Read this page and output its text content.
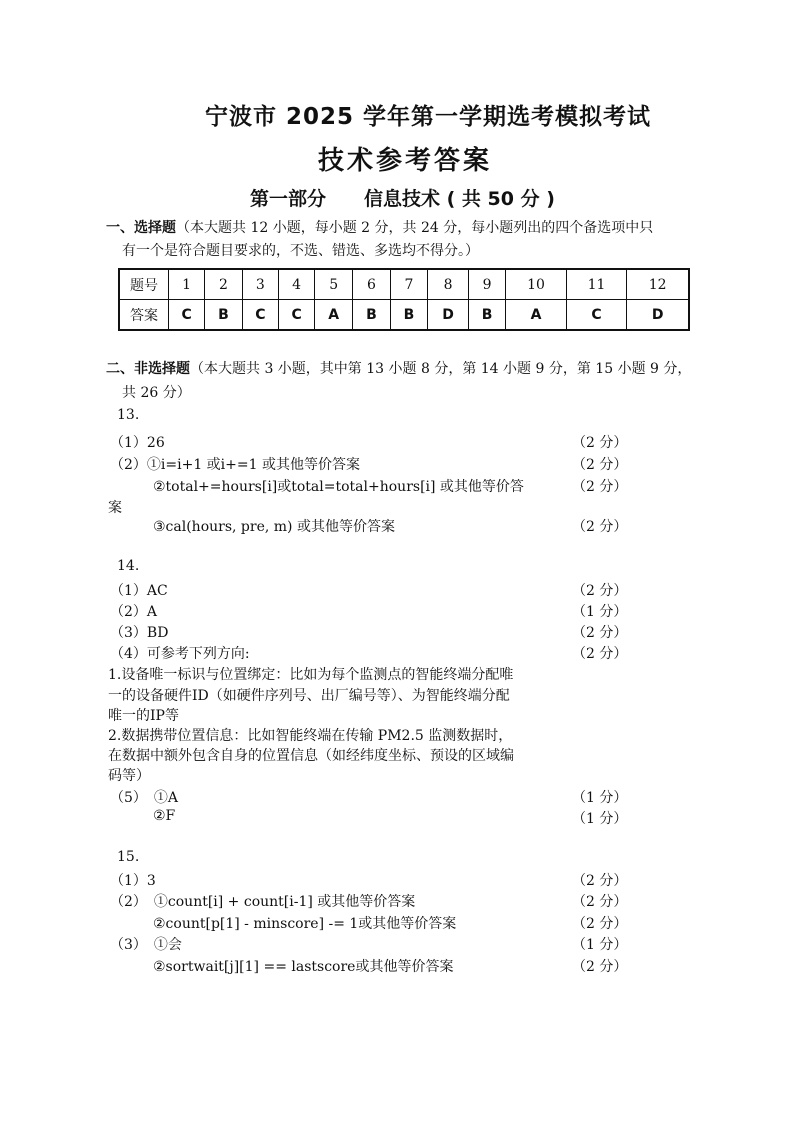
宁波市 2025 学年第一学期选考模拟考试
技术参考答案
第一部分　　信息技术 ( 共 50 分 )
一、选择题（本大题共 12 小题，每小题 2 分，共 24 分，每小题列出的四个备选项中只
有一个是符合题目要求的，不选、错选、多选均不得分。）
题号	1	2	3	4	5	6	7	8	9	10	11	12
答案	C	B	C	C	A	B	B	D	B	A	C	D
二、非选择题（本大题共 3 小题，其中第 13 小题 8 分，第 14 小题 9 分，第 15 小题 9 分，
共 26 分）
13.
（1）26	（2 分）
（2）①i=i+1 或i+=1 或其他等价答案	（2 分）
②total+=hours[i]或total=total+hours[i] 或其他等价答	（2 分）
案
③cal(hours, pre, m) 或其他等价答案	（2 分）
14.
（1）AC	（2 分）
（2）A	（1 分）
（3）BD	（2 分）
（4）可参考下列方向:	（2 分）
1.设备唯一标识与位置绑定：比如为每个监测点的智能终端分配唯
一的设备硬件ID（如硬件序列号、出厂编号等）、为智能终端分配
唯一的IP等
2.数据携带位置信息：比如智能终端在传输 PM2.5 监测数据时，
在数据中额外包含自身的位置信息（如经纬度坐标、预设的区域编
码等）
（5）　①A	（1 分）
②F	（1 分）
15.
（1）3	（2 分）
（2）　①count[i] + count[i-1] 或其他等价答案	（2 分）
②count[p[1] - minscore] -= 1或其他等价答案	（2 分）
（3）　①会	（1 分）
②sortwait[j][1] == lastscore或其他等价答案	（2 分）
